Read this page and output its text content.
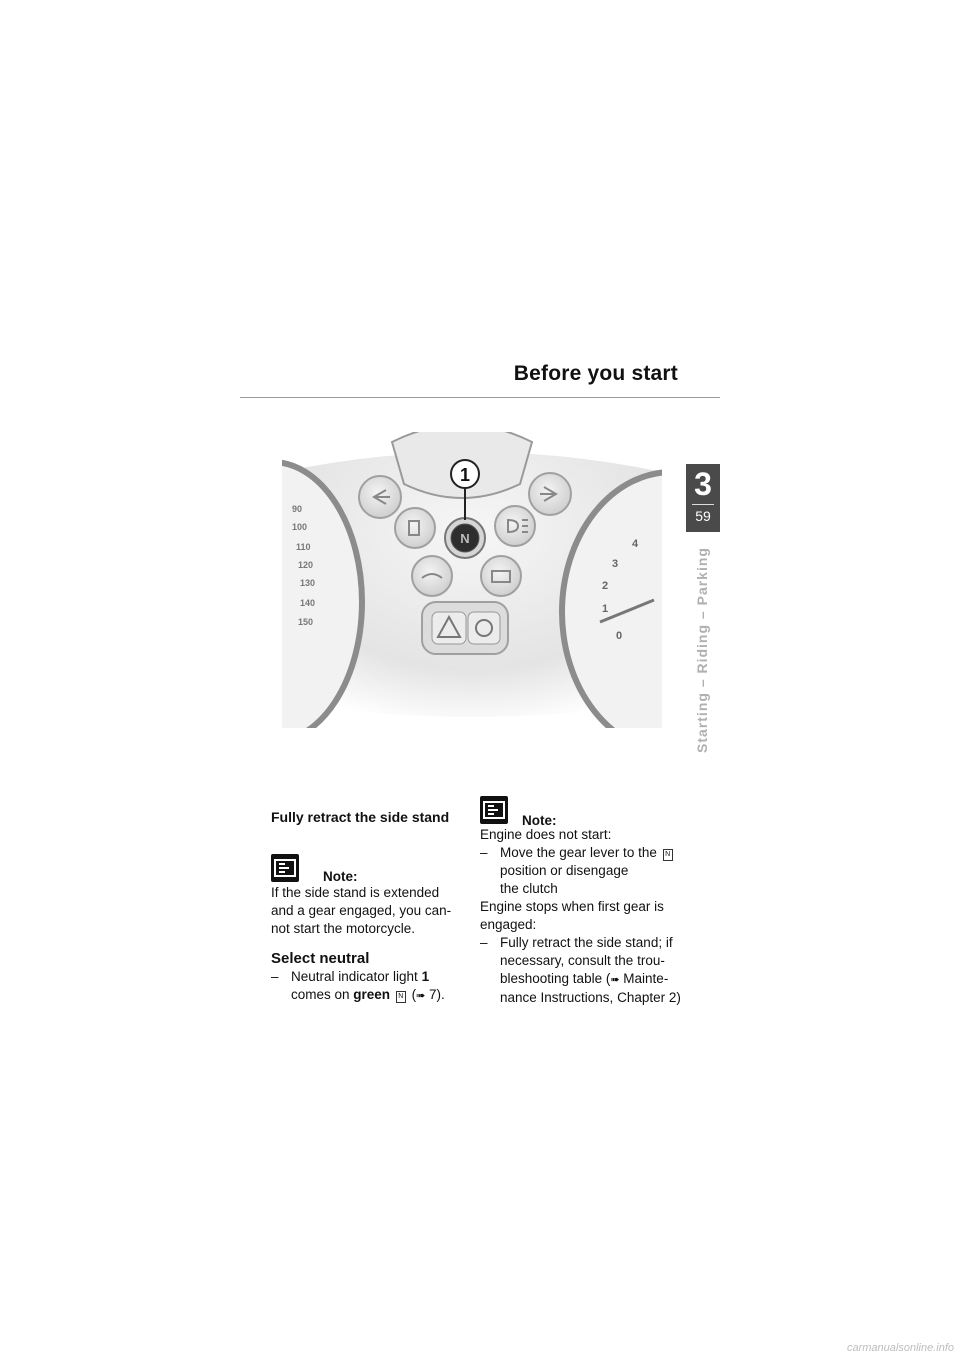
Before you start
3
59
Starting – Riding – Parking
90
100
110
120
130
140
150
4
3
2
1
0
N
1
Fully retract the side stand
Note:

If the side stand is extended

and a gear engaged, you can-

not start the motorcycle.

Select neutral
– Neutral indicator light 1
comes on green N (➠ 7).
Note:

Engine does not start:

– Move the gear lever to the N
position or disengage
the clutch

Engine stops when first gear is

engaged:

– Fully retract the side stand; if
necessary, consult the trou-
bleshooting table (➠ Mainte-
nance Instructions, Chapter 2)
carmanualsonline.info
